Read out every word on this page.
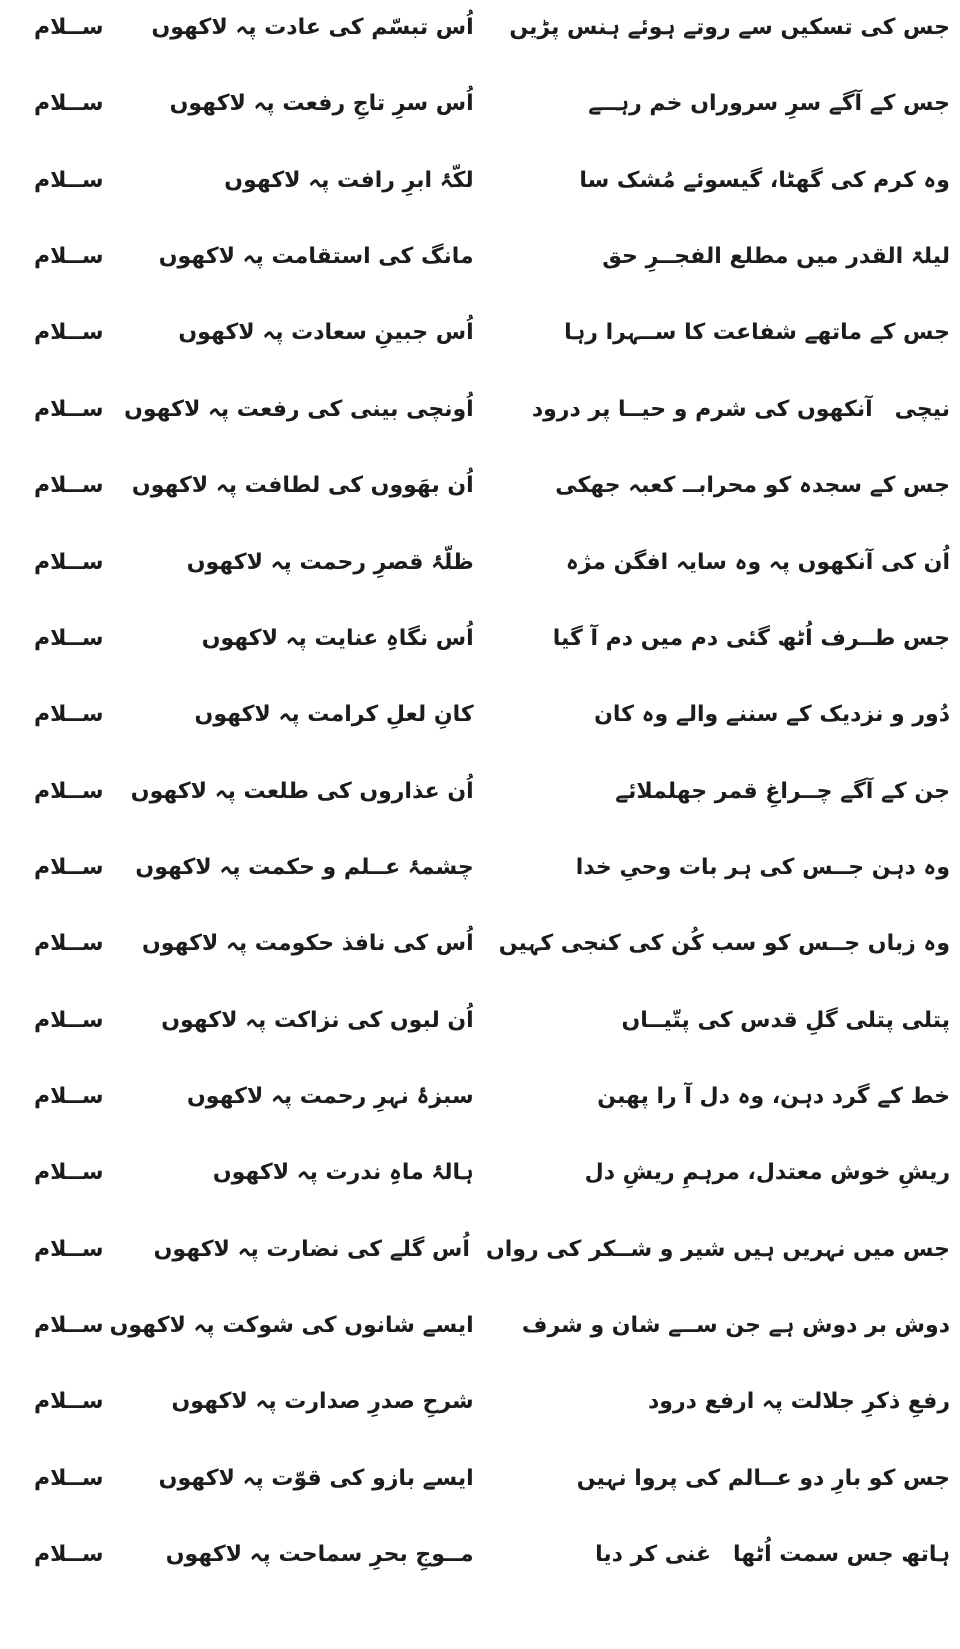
جس کی تسکیں سے روتے ہوئے ہنس پڑیں
اُس تبسّم کی عادت پہ لاکھوں
ســلام
جس کے آگے سرِ سروراں خم رہــے
اُس سرِ تاجِ رفعت پہ لاکھوں
ســلام
وہ کرم کی گھٹا، گیسوئے مُشک سا
لکّۂ ابرِ رافت پہ لاکھوں
ســلام
لیلۃ القدر میں مطلع الفجــرِ حق
مانگ کی استقامت پہ لاکھوں
ســلام
جس کے ماتھے شفاعت کا ســہرا رہا
اُس جبینِ سعادت پہ لاکھوں
ســلام
نیچی آنکھوں کی شرم و حیــا پر درود
اُونچی بینی کی رفعت پہ لاکھوں
ســلام
جس کے سجدہ کو محرابــ کعبہ جھکی
اُن بھَووں کی لطافت پہ لاکھوں
ســلام
اُن کی آنکھوں پہ وہ سایہ افگن مژہ
ظلّۂ قصرِ رحمت پہ لاکھوں
ســلام
جس طــرف اُٹھ گئی دم میں دم آ گیا
اُس نگاہِ عنایت پہ لاکھوں
ســلام
دُور و نزدیک کے سننے والے وہ کان
کانِ لعلِ کرامت پہ لاکھوں
ســلام
جن کے آگے چــراغِ قمر جھلملائے
اُن عذاروں کی طلعت پہ لاکھوں
ســلام
وہ دہن جــس کی ہر بات وحیِ خدا
چشمۂ عــلم و حکمت پہ لاکھوں
ســلام
وہ زباں جــس کو سب کُن کی کنجی کہیں
اُس کی نافذ حکومت پہ لاکھوں
ســلام
پتلی پتلی گلِ قدس کی پتّیــاں
اُن لبوں کی نزاکت پہ لاکھوں
ســلام
خط کے گرد دہن، وہ دل آ را پھبن
سبزۂ نہرِ رحمت پہ لاکھوں
ســلام
ریشِ خوش معتدل، مرہمِ ریشِ دل
ہالۂ ماہِ ندرت پہ لاکھوں
ســلام
جس میں نہریں ہیں شیر و شــکر کی رواں
اُس گلے کی نضارت پہ لاکھوں
ســلام
دوش بر دوش ہے جن ســے شان و شرف
ایسے شانوں کی شوکت پہ لاکھوں
ســلام
رفعِ ذکرِ جلالت پہ ارفع درود
شرحِ صدرِ صدارت پہ لاکھوں
ســلام
جس کو بارِ دو عــالم کی پروا نہیں
ایسے بازو کی قوّت پہ لاکھوں
ســلام
ہاتھ جس سمت اُٹھا غنی کر دیا
مــوجِ بحرِ سماحت پہ لاکھوں
ســلام
